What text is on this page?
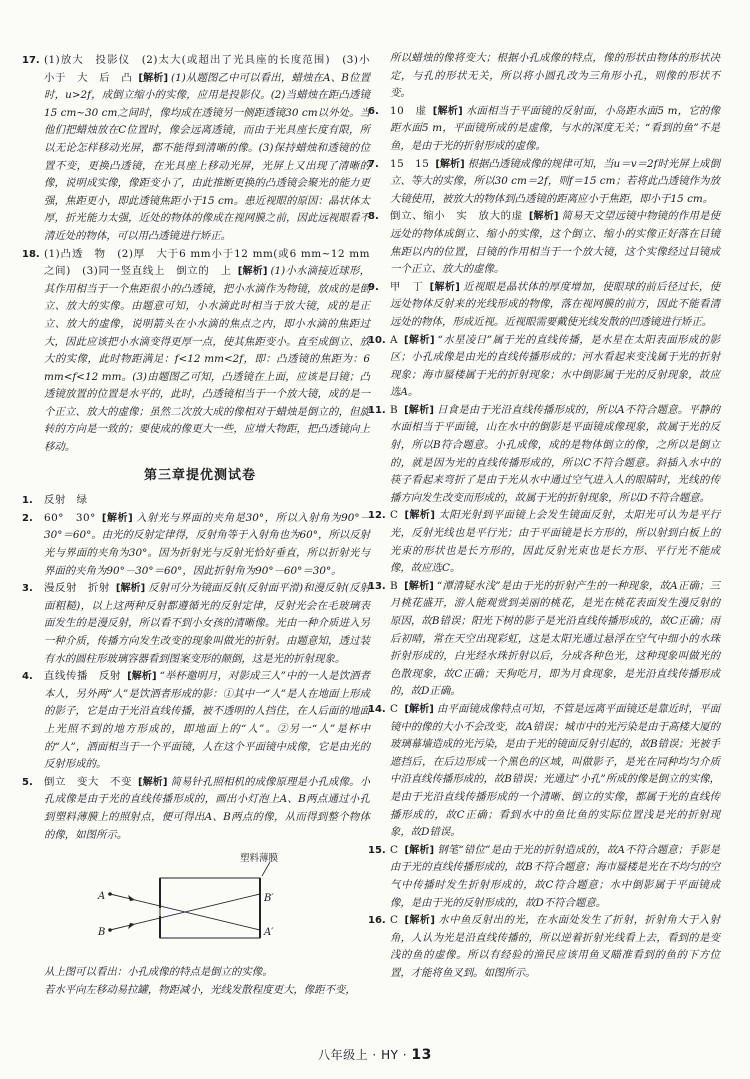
17. (1)放大　投影仪　(2)太大(或超出了光具座的长度范围)　(3)小　小于　大　后　凸 [解析] (1)从题图乙中可以看出，蜡烛在A、B位置时，u>2f，成倒立缩小的实像，应用是投影仪。(2)当蜡烛在距凸透镜15 cm~30 cm之间时，像均成在透镜另一侧距透镜30 cm以外处。当他们把蜡烛放在C位置时，像会远离透镜，而由于光具座长度有限，所以无论怎样移动光屏，都不能得到清晰的像。(3)保持蜡烛和透镜的位置不变，更换凸透镜，在光具座上移动光屏，光屏上又出现了清晰的像，说明成实像，像距变小了，由此推断更换的凸透镜会聚光的能力更强，焦距更小，即此透镜焦距小于15 cm。患近视眼的原因：晶状体太厚，折光能力太强，近处的物体的像成在视网膜之前，因此远视眼看不清近处的物体，可以用凸透镜进行矫正。
18. (1)凸透　物　(2)厚　大于6 mm小于12 mm(或6 mm~12 mm之间)　(3)同一竖直线上　倒立的　上 [解析] (1)小水滴接近球形，其作用相当于一个焦距很小的凸透镜，把小水滴作为物镜，放成的是倒立、放大的实像。由题意可知，小水滴此时相当于放大镜，成的是正立、放大的虚像，说明箭头在小水滴的焦点之内，即小水滴的焦距过大，因此应该把小水滴变得更厚一点，使其焦距变小。直至成倒立、放大的实像，此时物距满足：f<12 mm<2f，即：凸透镜的焦距为：6 mm<f<12 mm。(3)由题图乙可知，凸透镜在上面，应该是目镜；凸透镜放置的位置是水平的，此时，凸透镜相当于一个放大镜，成的是一个正立、放大的虚像；虽然二次放大成的像相对于蜡烛是倒立的，但旋转的方向是一致的；要使成的像更大一些，应增大物距，把凸透镜向上移动。
第三章提优测试卷
1. 反射　绿
2. 60°　30° [解析] 入射光与界面的夹角是30°，所以入射角为90°－30°＝60°。由光的反射定律得，反射角等于入射角也为60°，所以反射光与界面的夹角为30°。因为折射光与反射光恰好垂直，所以折射光与界面的夹角为90°－30°＝60°，因此折射角为90°－60°＝30°。
3. 漫反射　折射 [解析] 反射可分为镜面反射(反射面平滑)和漫反射(反射面粗糙)，以上这两种反射都遵循光的反射定律，反射光会在毛玻璃表面发生的是漫反射，所以看不到小女孩的清晰像。光由一种介质进入另一种介质，传播方向发生改变的现象叫做光的折射。由题意知，透过装有水的圆柱形玻璃容器看到图案变形的颠倒，这是光的折射现象。
4. 直线传播　反射 [解析] “举杯邀明月，对影成三人”中的一人是饮酒者本人，另外两“人”是饮酒者形成的影：①其中一“人”是人在地面上形成的影子，它是由于光沿直线传播，被不透明的人挡住，在人后面的地面上光照不到的地方形成的，即地面上的“人”。②另一“人”是杯中的“人”，酒面相当于一个平面镜，人在这个平面镜中成像，它是由光的反射形成的。
5. 倒立　变大　不变 [解析] 简易针孔照相机的成像原理是小孔成像。小孔成像是由于光的直线传播形成的，画出小灯泡上A、B两点通过小孔到塑料薄膜上的照射点，便可得出A、B两点的像，从而得到整个物体的像，如图所示。
塑料薄膜
A
B
B′
A′
从上图可以看出：小孔成像的特点是倒立的实像。
若水平向左移动易拉罐，物距减小，光线发散程度更大，像距不变，
所以蜡烛的像将变大；根据小孔成像的特点，像的形状由物体的形状决定，与孔的形状无关，所以将小圆孔改为三角形小孔，则像的形状不变。
6. 10　虚 [解析] 水面相当于平面镜的反射面，小岛距水面5 m，它的像距水面5 m，平面镜所成的是虚像，与水的深度无关；“看到的鱼”不是鱼，是由于光的折射形成的虚像。
7. 15　15 [解析] 根据凸透镜成像的规律可知，当u＝v＝2f时光屏上成倒立、等大的实像，所以30 cm＝2f，则f＝15 cm；若将此凸透镜作为放大镜使用，被放大的物体到凸透镜的距离应小于焦距，即小于15 cm。
8. 倒立、缩小　实　放大的虚 [解析] 简易天文望远镜中物镜的作用是使远处的物体成倒立、缩小的实像，这个倒立、缩小的实像正好落在目镜焦距以内的位置，目镜的作用相当于一个放大镜，这个实像经过目镜成一个正立、放大的虚像。
9. 甲　丁 [解析] 近视眼是晶状体的厚度增加，使眼球的前后径过长，使远处物体反射来的光线形成的物像，落在视网膜的前方，因此不能看清远处的物体，形成近视。近视眼需要戴使光线发散的凹透镜进行矫正。
10. A [解析] “水星凌日”属于光的直线传播，是水星在太阳表面形成的影区；小孔成像是由光的直线传播形成的；河水看起来变浅属于光的折射现象；海市蜃楼属于光的折射现象；水中倒影属于光的反射现象，故应选A。
11. B [解析] 日食是由于光沿直线传播形成的，所以A不符合题意。平静的水面相当于平面镜，山在水中的倒影是平面镜成像现象，故属于光的反射，所以B符合题意。小孔成像，成的是物体倒立的像，之所以是倒立的，就是因为光的直线传播形成的，所以C不符合题意。斜插入水中的筷子看起来弯折了是由于光从水中通过空气进入人的眼睛时，光线的传播方向发生改变而形成的，故属于光的折射现象，所以D不符合题意。
12. C [解析] 太阳光射到平面镜上会发生镜面反射，太阳光可认为是平行光，反射光线也是平行光；由于平面镜是长方形的，所以射到白板上的光束的形状也是长方形的，因此反射光束也是长方形、平行光不能成像，故应选C。
13. B [解析] “潭清疑水浅”是由于光的折射产生的一种现象，故A正确；三月桃花盛开，游人能观赏到美丽的桃花，是光在桃花表面发生漫反射的原因，故B错误；阳光下树的影子是光沿直线传播形成的，故C正确；雨后初晴，常在天空出现彩虹，这是太阳光通过悬浮在空气中细小的水珠折射形成的，白光经水珠折射以后，分成各种色光，这种现象叫做光的色散现象，故C正确；天狗吃月，即为月食现象，是光沿直线传播形成的，故D正确。
14. C [解析] 由平面镜成像特点可知，不管是远离平面镜还是靠近时，平面镜中的像的大小不会改变，故A错误；城市中的光污染是由于高楼大厦的玻璃幕墙造成的光污染，是由于光的镜面反射引起的，故B错误；光被手遮挡后，在后边形成一个黑色的区域，叫做影子，是光在同种均匀介质中沿直线传播形成的，故B错误；光通过“小孔”所成的像是倒立的实像，是由于光沿直线传播形成的一个清晰、倒立的实像，都属于光的直线传播形成的，故C正确；看到水中的鱼比鱼的实际位置浅是光的折射现象，故D错误。
15. C [解析] 钢笔“错位”是由于光的折射造成的，故A不符合题意；手影是由于光的直线传播形成的，故B不符合题意；海市蜃楼是光在不均匀的空气中传播时发生折射形成的，故C符合题意；水中倒影属于平面镜成像，是由于光的反射形成的，故D不符合题意。
16. C [解析] 水中鱼反射出的光，在水面处发生了折射，折射角大于入射角，人认为光是沿直线传播的，所以逆着折射光线看上去，看到的是变浅的鱼的虚像。所以有经验的渔民应该用鱼叉瞄准看到的鱼的下方位置，才能将鱼叉到。如图所示。
八年级上 · HY · 13
